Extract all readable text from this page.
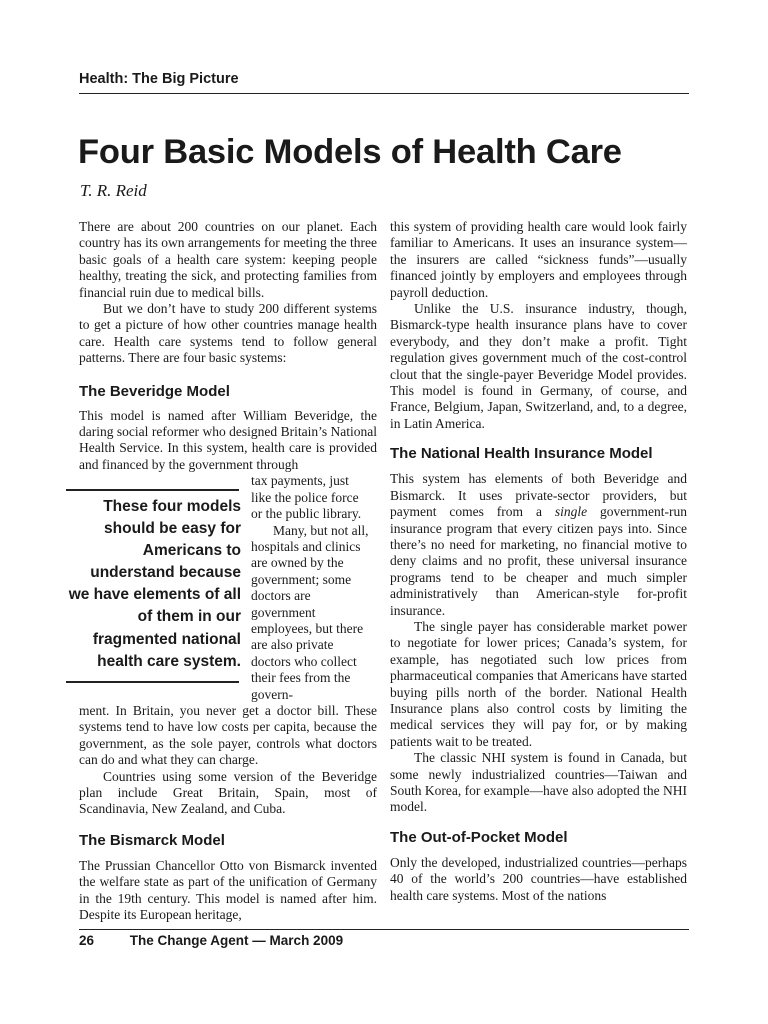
Health: The Big Picture
Four Basic Models of Health Care
T. R. Reid

There are about 200 countries on our planet. Each country has its own arrangements for meeting the three basic goals of a health care system: keeping people healthy, treating the sick, and protecting families from financial ruin due to medical bills.

But we don’t have to study 200 different systems to get a picture of how other countries manage health care. Health care systems tend to follow general patterns. There are four basic systems:

The Beveridge Model

This model is named after William Beveridge, the daring social reformer who designed Britain’s National Health Service. In this system, health care is provided and financed by the government through

tax payments, just like the police force or the public library.

Many, but not all, hospitals and clinics are owned by the government; some doctors are government employees, but there are also private doctors who collect their fees from the govern-

ment. In Britain, you never get a doctor bill. These systems tend to have low costs per capita, because the government, as the sole payer, controls what doctors can do and what they can charge.

Countries using some version of the Beveridge plan include Great Britain, Spain, most of Scandinavia, New Zealand, and Cuba.

The Bismarck Model

The Prussian Chancellor Otto von Bismarck invented the welfare state as part of the unification of Germany in the 19th century. This model is named after him. Despite its European heritage,

These four models should be easy for Americans to understand because we have elements of all of them in our fragmented national health care system.

this system of providing health care would look fairly familiar to Americans. It uses an insurance system—the insurers are called “sickness funds”—usually financed jointly by employers and employees through payroll deduction.

Unlike the U.S. insurance industry, though, Bismarck-type health insurance plans have to cover everybody, and they don’t make a profit. Tight regulation gives government much of the cost-control clout that the single-payer Beveridge Model provides. This model is found in Germany, of course, and France, Belgium, Japan, Switzerland, and, to a degree, in Latin America.

The National Health Insurance Model

This system has elements of both Beveridge and Bismarck. It uses private-sector providers, but payment comes from a single government-run insurance program that every citizen pays into. Since there’s no need for marketing, no financial motive to deny claims and no profit, these universal insurance programs tend to be cheaper and much simpler administratively than American-style for-profit insurance.

The single payer has considerable market power to negotiate for lower prices; Canada’s system, for example, has negotiated such low prices from pharmaceutical companies that Americans have started buying pills north of the border. National Health Insurance plans also control costs by limiting the medical services they will pay for, or by making patients wait to be treated.

The classic NHI system is found in Canada, but some newly industrialized countries—Taiwan and South Korea, for example—have also adopted the NHI model.

The Out-of-Pocket Model

Only the developed, industrialized countries—perhaps 40 of the world’s 200 countries—have established health care systems. Most of the nations

26	The Change Agent — March 2009
